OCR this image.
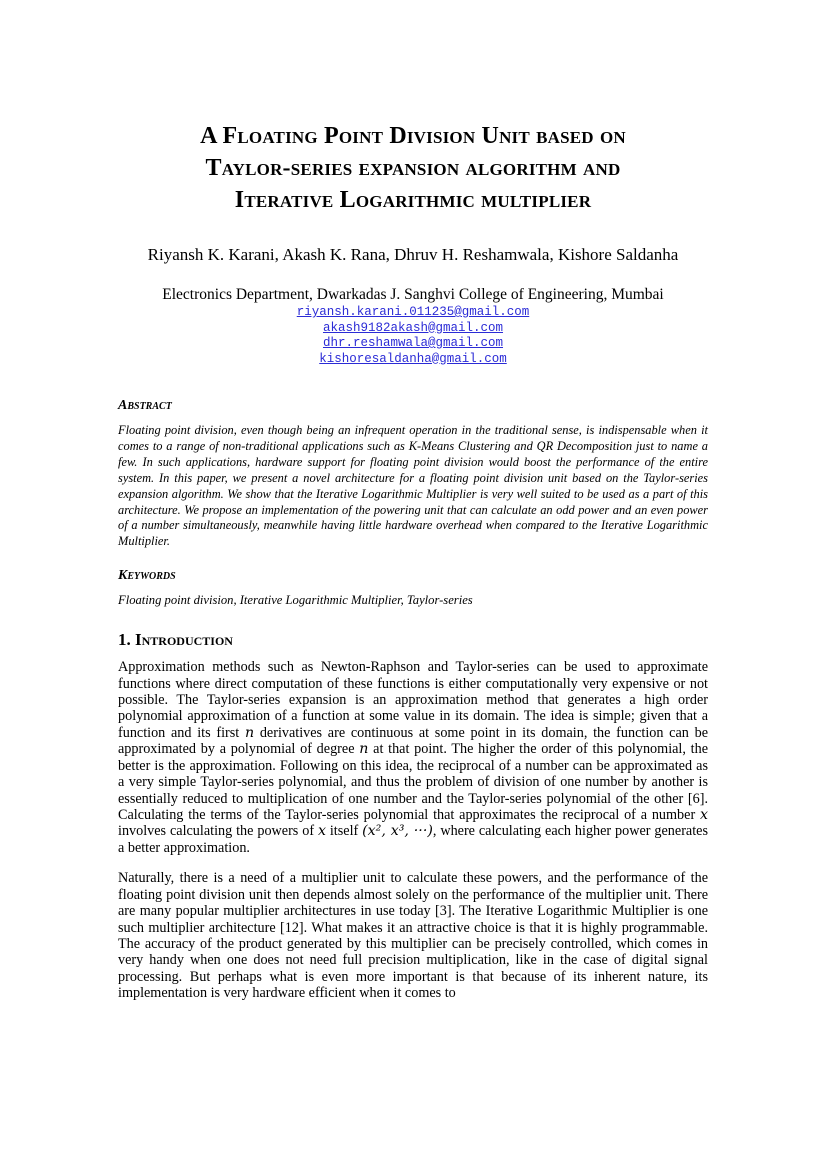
A Floating Point Division Unit based on
Taylor-series expansion algorithm and
Iterative Logarithmic multiplier
Riyansh K. Karani, Akash K. Rana, Dhruv H. Reshamwala, Kishore Saldanha
Electronics Department, Dwarkadas J. Sanghvi College of Engineering, Mumbai
riyansh.karani.011235@gmail.com
akash9182akash@gmail.com
dhr.reshamwala@gmail.com
kishoresaldanha@gmail.com
Abstract
Floating point division, even though being an infrequent operation in the traditional sense, is indispensable when it comes to a range of non-traditional applications such as K-Means Clustering and QR Decomposition just to name a few. In such applications, hardware support for floating point division would boost the performance of the entire system. In this paper, we present a novel architecture for a floating point division unit based on the Taylor-series expansion algorithm. We show that the Iterative Logarithmic Multiplier is very well suited to be used as a part of this architecture. We propose an implementation of the powering unit that can calculate an odd power and an even power of a number simultaneously, meanwhile having little hardware overhead when compared to the Iterative Logarithmic Multiplier.
Keywords
Floating point division, Iterative Logarithmic Multiplier, Taylor-series
1. Introduction

Approximation methods such as Newton-Raphson and Taylor-series can be used to approximate functions where direct computation of these functions is either computationally very expensive or not possible. The Taylor-series expansion is an approximation method that generates a high order polynomial approximation of a function at some value in its domain. The idea is simple; given that a function and its first n derivatives are continuous at some point in its domain, the function can be approximated by a polynomial of degree n at that point. The higher the order of this polynomial, the better is the approximation. Following on this idea, the reciprocal of a number can be approximated as a very simple Taylor-series polynomial, and thus the problem of division of one number by another is essentially reduced to multiplication of one number and the Taylor-series polynomial of the other [6]. Calculating the terms of the Taylor-series polynomial that approximates the reciprocal of a number x involves calculating the powers of x itself (x², x³, ···), where calculating each higher power generates a better approximation.

Naturally, there is a need of a multiplier unit to calculate these powers, and the performance of the floating point division unit then depends almost solely on the performance of the multiplier unit. There are many popular multiplier architectures in use today [3]. The Iterative Logarithmic Multiplier is one such multiplier architecture [12]. What makes it an attractive choice is that it is highly programmable. The accuracy of the product generated by this multiplier can be precisely controlled, which comes in very handy when one does not need full precision multiplication, like in the case of digital signal processing. But perhaps what is even more important is that because of its inherent nature, its implementation is very hardware efficient when it comes to
